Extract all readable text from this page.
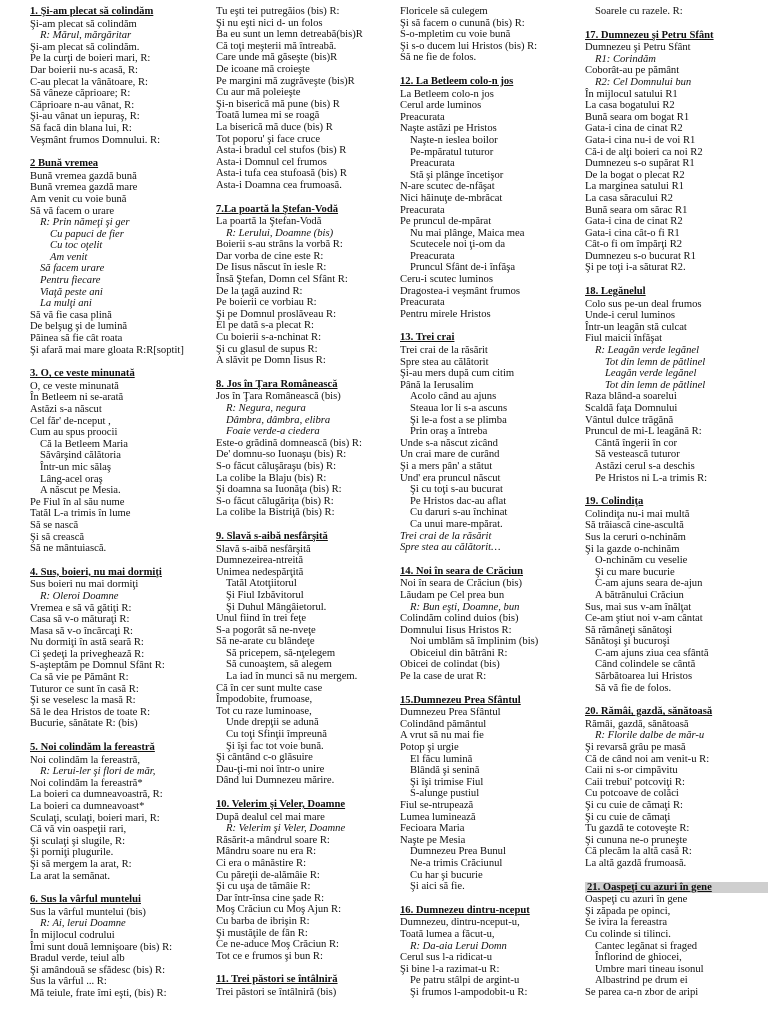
1. Şi-am plecat să colindăm
Şi-am plecat să colindăm
R: Mărul, mărgăritar
Şi-am plecat să colindăm.
Pe la curţi de boieri mari, R:
Dar boierii nu-s acasă, R:
C-au plecat la vânătoare, R:
Să vâneze căprioare; R:
Căprioare n-au vânat, R:
Şi-au vânat un iepuraş, R:
Să facă din blana lui, R:
Veşmânt frumos Domnului. R:
2 Bună vremea
Bună vremea gazdă bună
Bună vremea gazdă mare
Am venit cu voie bună
Să vă facem o urare
R: Prin nămeţi şi ger
Cu papuci de fier
Cu toc oţelit
Am venit
Să facem urare
Pentru fiecare
Viaţă peste ani
La mulţi ani
Să vă fie casa plină
De belşug şi de lumină
Păinea să fie cât roata
Şi afară mai mare gloata R:R[soptit]
3. O, ce veste minunată
O, ce veste minunată
În Betleem ni se-arată
Astăzi s-a născut
Cel făr' de-nceput ,
Cum au spus proocii
Că la Betleem Maria
Săvârşind călătoria
Într-un mic sălaş
Lâng-acel oraş
A născut pe Mesia.
Pe Fiul în al său nume
Tatăl L-a trimis în lume
Să se nască
Şi să crească
Să ne mântuiască.
4. Sus, boieri, nu mai dormiţi
Sus boieri nu mai dormiţi
R: Oleroi Doamne
Vremea e să vă gătiţi R:
Casa să v-o măturaţi R:
Masa să v-o încărcaţi R:
Nu dormiţi în astă seară R:
Ci şedeţi la priveghează R:
S-aşteptăm pe Domnul Sfânt R:
Ca să vie pe Pământ R:
Tuturor ce sunt în casă R:
Şi se veselesc la masă R:
Să le dea Hristos de toate R:
Bucurie, sănătate R: (bis)
5. Noi colindăm la fereastră
Noi colindăm la fereastră,
R: Lerui-ler şi flori de măr,
Noi colindăm la fereastră*
La boieri ca dumneavoastră, R:
La boieri ca dumneavoast*
Sculaţi, sculaţi, boieri mari, R:
Că vă vin oaspeţii rari,
Şi sculaţi şi slugile, R:
Şi porniţi plugurile.
Şi să mergem la arat, R:
La arat la semănat.
6. Sus la vârful muntelui
Sus la vârful muntelui (bis)
R: Ai, lerui Doamne
În mijlocul codrului
Îmi sunt două lemnişoare (bis) R:
Bradul verde, teiul alb
Şi amândouă se sfădesc (bis) R:
Sus la vârful ... R:
Mă teiule, frate îmi eşti, (bis) R:
Tu eşti tei putregăios (bis) R:
Şi nu eşti nici d- un folos
Ba eu sunt un lemn detreabă(bis)R
Că toţi meşterii mă întreabă.
Care unde mă găseşte (bis)R
De icoane mă croieşte
Pe margini mă zugrăveşte (bis)R
Cu aur mă poleieşte
Şi-n biserică mă pune (bis) R
Toată lumea mi se roagă
La biserică mă duce (bis) R
Tot poporu' şi face cruce
Asta-i bradul cel stufos (bis) R
Asta-i Domnul cel frumos
Asta-i tufa cea stufoasă (bis) R
Asta-i Doamna cea frumoasă.
7.La poartă la Ştefan-Vodă
La poartă la Ştefan-Vodă
R: Lerului, Doamne (bis)
Boierii s-au strâns la vorbă R:
Dar vorba de cine este R:
De Iisus născut în iesle R:
Însă Ştefan, Domn cel Sfânt R:
De la ţagă auzind R:
Pe boierii ce vorbiau R:
Şi pe Domnul proslăveau R:
El pe dată s-a plecat R:
Cu boierii s-a-nchinat R:
Şi cu glasul de supus R:
A slăvit pe Domn Iisus R:
8. Jos în Ţara Românească
Jos în Ţara Românească (bis)
R: Negura, negura
Dâmbra, dâmbra, elibra
Foaie verde-a ciedera
Este-o grădină domnească (bis) R:
De' domnu-so Iuonaşu (bis) R:
S-o făcut căluşăraşu (bis) R:
La colibe la Blaju (bis) R:
Şi doamna sa Iuonăţa (bis) R:
S-o făcut călugăriţa (bis) R:
La colibe la Bistriţă (bis) R:
9. Slavă s-aibă nesfârşită
Slavă s-aibă nesfârşită
Dumnezeirea-ntreită
Unimea nedespărţită
Tatăl Atotţiitorul
Şi Fiul Izbăvitorul
Şi Duhul Mângâietorul.
Unul fiind în trei feţe
S-a pogorât să ne-nveţe
Să ne-arate cu blândeţe
Să pricepem, să-nţelegem
Să cunoaştem, să alegem
La iad în munci să nu mergem.
Că în cer sunt multe case
Împodobite, frumoase,
Tot cu raze luminoase,
Unde drepţii se adună
Cu toţi Sfinţii împreună
Şi îşi fac tot voie bună.
Şi cântând c-o glăsuire
Dau-ţi-mi noi într-o unire
Dând lui Dumnezeu mărire.
10. Velerim şi Veler, Doamne
După dealul cel mai mare
R: Velerim şi Veler, Doamne
Răsărit-a mândrul soare R:
Mândru soare nu era R:
Ci era o mânăstire R:
Cu păreţii de-alămâie R:
Şi cu uşa de tămâie R:
Dar într-însa cine şade R:
Moş Crăciun cu Moş Ajun R:
Cu barba de ibrişin R:
Şi mustăţile de fân R:
Ce ne-aduce Moş Crăciun R:
Tot ce e frumos şi bun R:
11. Trei păstori se întâlniră
Trei păstori se întâlniră (bis)
Floricele să culegem
Şi să facem o cunună (bis) R:
S-o-mpletim cu voie bună
Şi s-o ducem lui Hristos (bis) R:
Să ne fie de folos.
12. La Betleem colo-n jos
La Betleem colo-n jos
Cerul arde luminos
Preacurata
Naşte astăzi pe Hristos
Naşte-n ieslea boilor
Pe-mpăratul tuturor
Preacurata
Stă şi plânge încetişor
N-are scutec de-nfăşat
Nici hăinuţe de-mbrăcat
Preacurata
Pe pruncul de-mpărat
Nu mai plânge, Maica mea
Scutecele noi ţi-om da
Preacurata
Pruncul Sfânt de-i înfăşa
Ceru-i scutec luminos
Dragostea-i veşmânt frumos
Preacurata
Pentru mirele Hristos
13. Trei crai
Trei crai de la răsărit
Spre stea au călătorit
Şi-au mers după cum citim
Până la Ierusalim
Acolo când au ajuns
Steaua lor li s-a ascuns
Şi le-a fost a se plimba
Prin oraş a întreba
Unde s-a născut zicând
Un crai mare de curând
Şi a mers pân' a stătut
Und' era pruncul născut
Şi cu toţi s-au bucurat
Pe Hristos dac-au aflat
Cu daruri s-au închinat
Ca unui mare-mpărat.
Trei crai de la răsărit
Spre stea au călătorit…
14. Noi în seara de Crăciun
Noi în seara de Crăciun (bis)
Lăudam pe Cel prea bun
R: Bun eşti, Doamne, bun
Colindăm colind duios (bis)
Domnului Iisus Hristos R:
Noi umblăm să împlinim (bis)
Obiceiul din bătrâni R:
Obicei de colindat (bis)
Pe la case de urat R:
15.Dumnezeu Prea Sfântul
Dumnezeu Prea Sfântul
Colindând pământul
A vrut să nu mai fie
Potop şi urgie
El făcu lumină
Blândă şi senină
Şi îşi trimise Fiul
S-alunge pustiul
Fiul se-ntrupează
Lumea luminează
Fecioara Maria
Naşte pe Mesia
Dumnezeu Prea Bunul
Ne-a trimis Crăciunul
Cu har şi bucurie
Şi aici să fie.
16. Dumnezeu dintru-nceput
Dumnezeu, dintru-nceput-u,
Toată lumea a făcut-u,
R: Da-aia Lerui Domn
Cerul sus l-a ridicat-u
Şi bine l-a razimat-u R:
Pe patru stâlpi de argint-u
Şi frumos l-ampodobit-u R:
Soarele cu razele. R:
17. Dumnezeu şi Petru Sfânt
Dumnezeu şi Petru Sfânt
R1: Corindăm
Coborât-au pe pământ
R2: Cel Domnului bun
În mijlocul satului R1
La casa bogatului R2
Bună seara om bogat R1
Gata-i cina de cinat R2
Gata-i cina nu-i de voi R1
Că-i de alţi boieri ca noi R2
Dumnezeu s-o supărat R1
De la bogat o plecat R2
La marginea satului R1
La casa săracului R2
Bună seara om sărac R1
Gata-i cina de cinat R2
Gata-i cina cât-o fi R1
Cât-o fi om împărţi R2
Dumnezeu s-o bucurat R1
Şi pe toţi i-a săturat R2.
18. Legănelul
Colo sus pe-un deal frumos
Unde-i cerul luminos
Într-un leagăn stă culcat
Fiul maicii înfăşat
R: Leagăn verde legănel
Tot din lemn de pătlinel
Leagăn verde legănel
Tot din lemn de pătlinel
Raza blând-a soarelui
Scaldă faţa Domnului
Vântul dulce trăgănă
Pruncul de mi-L leagănă R:
Cântă îngerii în cor
Să vestească tuturor
Astăzi cerul s-a deschis
Pe Hristos ni L-a trimis R:
19. Colindiţa
Colindiţa nu-i mai multă
Să trăiască cine-ascultă
Sus la ceruri o-nchinăm
Şi la gazde o-nchinăm
O-nchinăm cu veselie
Şi cu mare bucurie
C-am ajuns seara de-ajun
A bătrânului Crăciun
Sus, mai sus v-am înălţat
Ce-am ştiut noi v-am cântat
Să rămâneţi sănătoşi
Sănătoşi şi bucuroşi
C-am ajuns ziua cea sfântă
Când colindele se cântă
Sărbătoarea lui Hristos
Să vă fie de folos.
20. Rămâi, gazdă, sănătoasă
Rămâi, gazdă, sănătoasă
R: Florile dalbe de măr-u
Şi revarsă grâu pe masă
Că de când noi am venit-u R:
Caii ni s-or cimpăvitu
Caii trebui' potcoviţi R:
Cu potcoave de colăci
Şi cu cuie de cămaţi R:
Şi cu cuie de cămaţi
Tu gazdă te cotoveşte R:
Şi cununa ne-o pruneşte
Că plecăm la altă casă R:
La altă gazdă frumoasă.
21. Oaspeţi cu azuri în gene
Oaspeţi cu azuri în gene
Şi zăpada pe opinci,
Se ivira la fereastra
Cu colinde si tilinci.
Cantec legănat si fraged
Înflorind de ghiocei,
Umbre mari tineau isonul
Albastrind pe drum ei
Se parea ca-n zbor de aripi
